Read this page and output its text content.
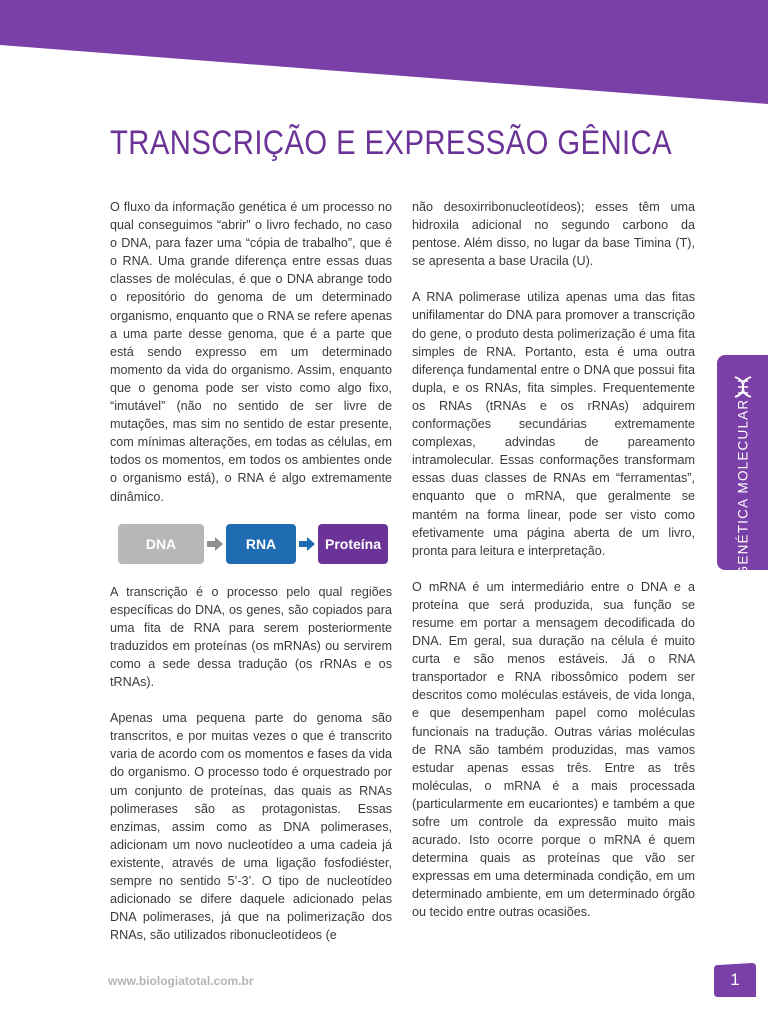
TRANSCRIÇÃO E EXPRESSÃO GÊNICA

O fluxo da informação genética é um processo no qual conseguimos “abrir” o livro fechado, no caso o DNA, para fazer uma “cópia de trabalho”, que é o RNA. Uma grande diferença entre essas duas classes de moléculas, é que o DNA abrange todo o repositório do genoma de um determinado organismo, enquanto que o RNA se refere apenas a uma parte desse genoma, que é a parte que está sendo expresso em um determinado momento da vida do organismo. Assim, enquanto que o genoma pode ser visto como algo fixo, “imutável” (não no sentido de ser livre de mutações, mas sim no sentido de estar presente, com mínimas alterações, em todas as células, em todos os momentos, em todos os ambientes onde o organismo está), o RNA é algo extremamente dinâmico.

DNA	RNA	Proteína

A transcrição é o processo pelo qual regiões específicas do DNA, os genes, são copiados para uma fita de RNA para serem posteriormente traduzidos em proteínas (os mRNAs) ou servirem como a sede dessa tradução (os rRNAs e os tRNAs).

Apenas uma pequena parte do genoma são transcritos, e por muitas vezes o que é transcrito varia de acordo com os momentos e fases da vida do organismo. O processo todo é orquestrado por um conjunto de proteínas, das quais as RNAs polimerases são as protagonistas. Essas enzimas, assim como as DNA polimerases, adicionam um novo nucleotídeo a uma cadeia já existente, através de uma ligação fosfodiéster, sempre no sentido 5’-3’. O tipo de nucleotídeo adicionado se difere daquele adicionado pelas DNA polimerases, já que na polimerização dos RNAs, são utilizados ribonucleotídeos (e

não desoxirribonucleotídeos); esses têm uma hidroxila adicional no segundo carbono da pentose. Além disso, no lugar da base Timina (T), se apresenta a base Uracila (U).

A RNA polimerase utiliza apenas uma das fitas unifilamentar do DNA para promover a transcrição do gene, o produto desta polimerização é uma fita simples de RNA. Portanto, esta é uma outra diferença fundamental entre o DNA que possui fita dupla, e os RNAs, fita simples. Frequentemente os RNAs (tRNAs e os rRNAs) adquirem conformações secundárias extremamente complexas, advindas de pareamento intramolecular. Essas conformações transformam essas duas classes de RNAs em “ferramentas”, enquanto que o mRNA, que geralmente se mantém na forma linear, pode ser visto como efetivamente uma página aberta de um livro, pronta para leitura e interpretação.

O mRNA é um intermediário entre o DNA e a proteína que será produzida, sua função se resume em portar a mensagem decodificada do DNA. Em geral, sua duração na célula é muito curta e são menos estáveis. Já o RNA transportador e RNA ribossômico podem ser descritos como moléculas estáveis, de vida longa, e que desempenham papel como moléculas funcionais na tradução. Outras várias moléculas de RNA são também produzidas, mas vamos estudar apenas essas três. Entre as três moléculas, o mRNA é a mais processada (particularmente em eucariontes) e também a que sofre um controle da expressão muito mais acurado. Isto ocorre porque o mRNA é quem determina quais as proteínas que vão ser expressas em uma determinada condição, em um determinado ambiente, em um determinado órgão ou tecido entre outras ocasiões.

GENÉTICA MOLECULAR
www.biologiatotal.com.br	1
